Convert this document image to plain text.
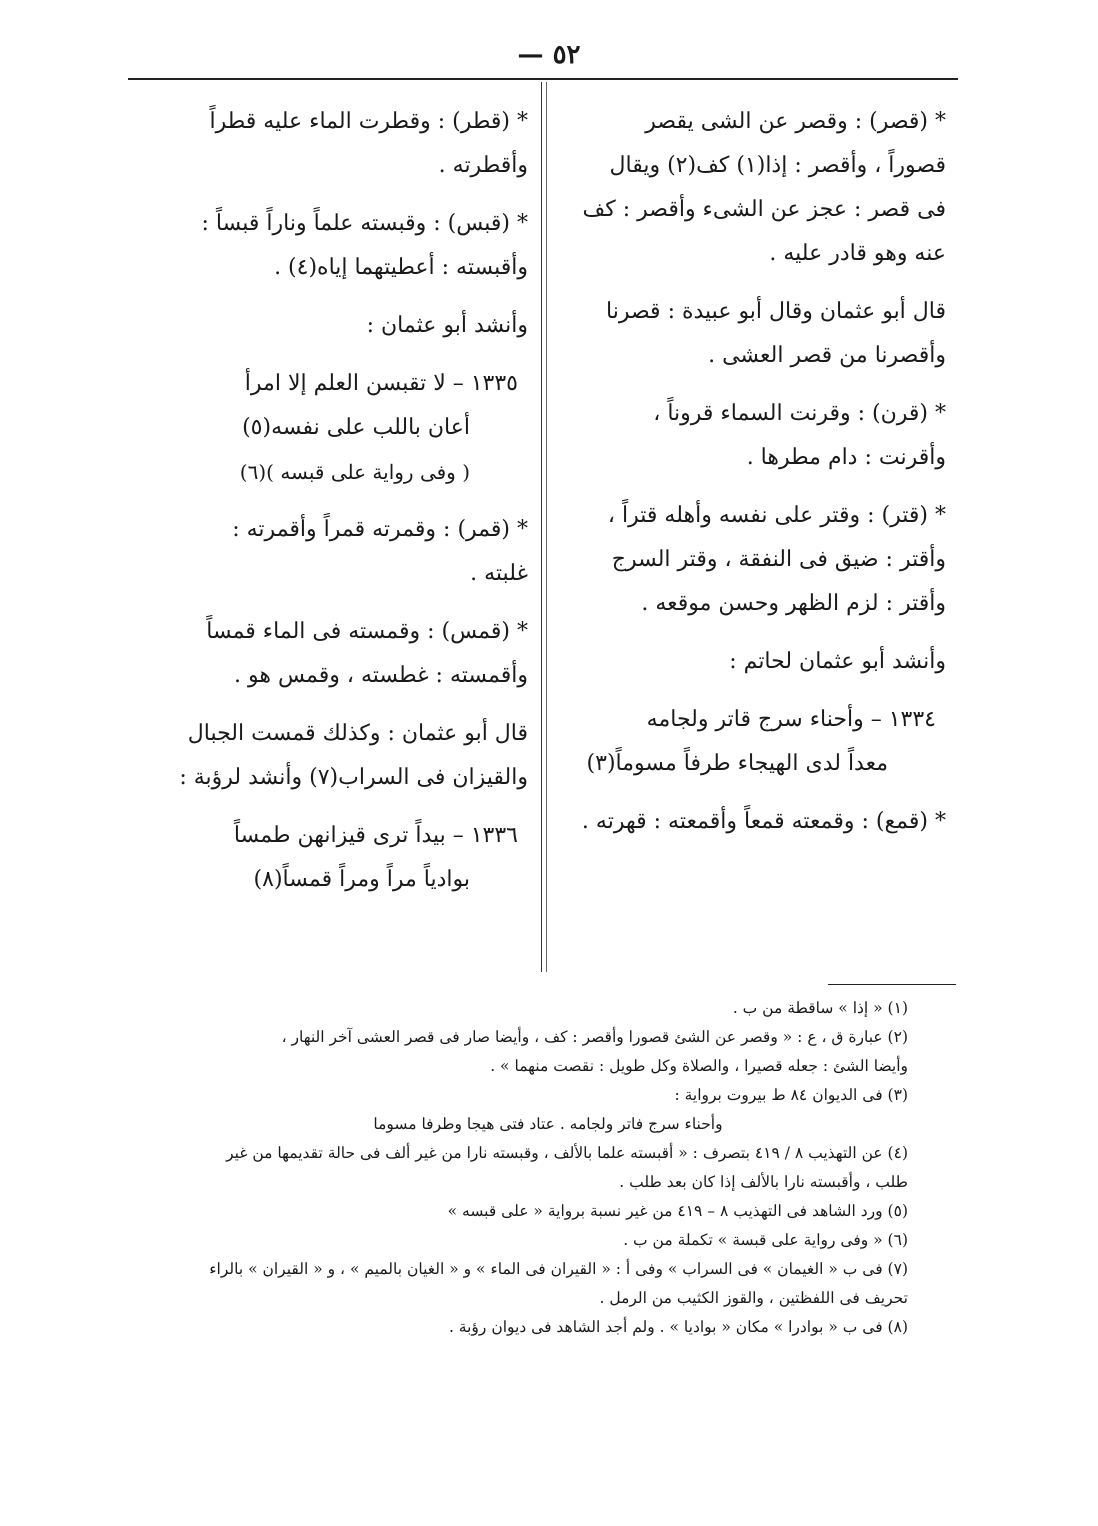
— ٥٢
* (قصر) : وقصر عن الشى يقصر
قصوراً ، وأقصر : إذا(١) كف(٢) ويقال
فى قصر : عجز عن الشىء وأقصر : كف
عنه وهو قادر عليه .
قال أبو عثمان وقال أبو عبيدة : قصرنا
وأقصرنا من قصر العشى .
* (قرن) : وقرنت السماء قروناً ،
وأقرنت : دام مطرها .
* (قتر) : وقتر على نفسه وأهله قتراً ،
وأقتر : ضيق فى النفقة ، وقتر السرج
وأقتر : لزم الظهر وحسن موقعه .
وأنشد أبو عثمان لحاتم :
١٣٣٤ – وأحناء سرج قاتر ولجامه
معداً لدى الهيجاء طرفاً مسوماً(٣)
* (قمع) : وقمعته قمعاً وأقمعته : قهرته .
* (قطر) : وقطرت الماء عليه قطراً
وأقطرته .
* (قبس) : وقبسته علماً وناراً قبساً :
وأقبسته : أعطيتهما إياه(٤) .
وأنشد أبو عثمان :
١٣٣٥ – لا تقبسن العلم إلا امرأ
أعان باللب على نفسه(٥)
( وفى رواية على قبسه )(٦)
* (قمر) : وقمرته قمراً وأقمرته :
غلبته .
* (قمس) : وقمسته فى الماء قمساً
وأقمسته : غطسته ، وقمس هو .
قال أبو عثمان : وكذلك قمست الجبال
والقيزان فى السراب(٧) وأنشد لرؤبة :
١٣٣٦ – بيداً ترى قيزانهن طمساً
بوادياً مراً ومراً قمساً(٨)

(١) « إذا » ساقطة من ب .

(٢) عبارة ق ، ع : « وقصر عن الشئ قصورا وأقصر : كف ، وأيضا صار فى قصر العشى آخر النهار ،

وأيضا الشئ : جعله قصيرا ، والصلاة وكل طويل : نقصت منهما » .

(٣) فى الديوان ٨٤ ط بيروت برواية :

وأحناء سرج فاتر ولجامه . عتاد فتى هيجا وطرفا مسوما

(٤) عن التهذيب ٨ / ٤١٩ بتصرف : « أقبسته علما بالألف ، وقبسته نارا من غير ألف فى حالة تقديمها من غير

طلب ، وأقبسته نارا بالألف إذا كان بعد طلب .

(٥) ورد الشاهد فى التهذيب ٨ – ٤١٩ من غير نسبة برواية « على قبسه »

(٦) « وفى رواية على قبسة » تكملة من ب .

(٧) فى ب « الغيمان » فى السراب » وفى أ : « القيران فى الماء » و « الغيان بالميم » ، و « القيران » بالراء

تحريف فى اللفظتين ، والقوز الكثيب من الرمل .

(٨) فى ب « بوادرا » مكان « بواديا » . ولم أجد الشاهد فى ديوان رؤبة .
